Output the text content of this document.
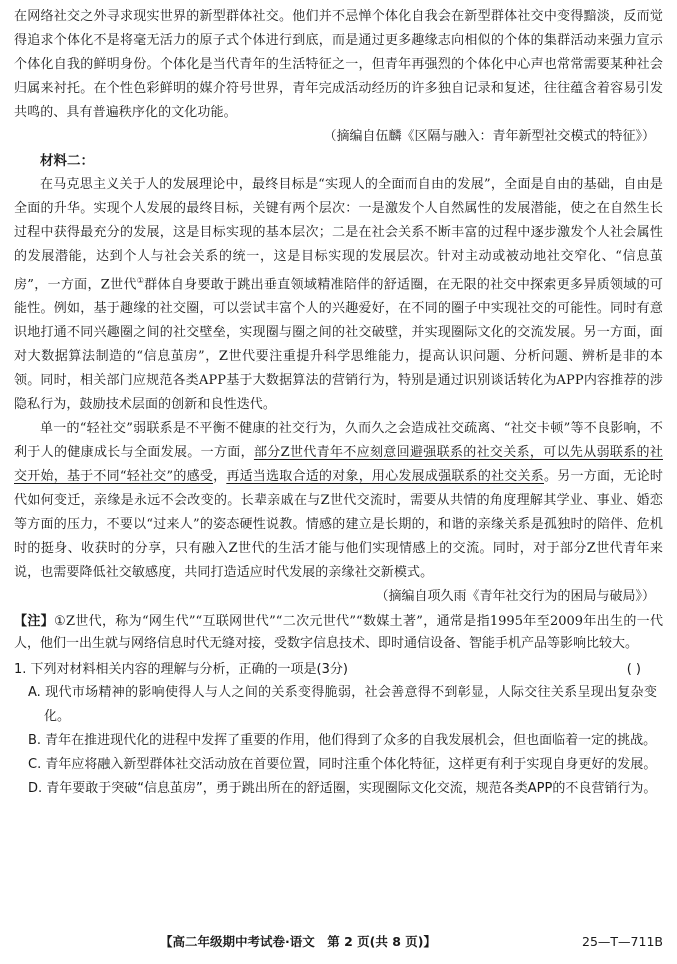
在网络社交之外寻求现实世界的新型群体社交。他们并不忌惮个体化自我会在新型群体社交中变得黯淡，反而觉得追求个体化不是将毫无活力的原子式个体进行到底，而是通过更多趣缘志向相似的个体的集群活动来强力宣示个体化自我的鲜明身份。个体化是当代青年的生活特征之一，但青年再强烈的个体化中心声也常常需要某种社会归属来衬托。在个性色彩鲜明的媒介符号世界，青年完成活动经历的许多独自记录和复述，往往蕴含着容易引发共鸣的、具有普遍秩序化的文化功能。

（摘编自伍麟《区隔与融入：青年新型社交模式的特征》）

材料二：

在马克思主义关于人的发展理论中，最终目标是“实现人的全面而自由的发展”，全面是自由的基础，自由是全面的升华。实现个人发展的最终目标，关键有两个层次：一是激发个人自然属性的发展潜能，使之在自然生长过程中获得最充分的发展，这是目标实现的基本层次；二是在社会关系不断丰富的过程中逐步激发个人社会属性的发展潜能，达到个人与社会关系的统一，这是目标实现的发展层次。针对主动或被动地社交窄化、“信息茧房”，一方面，Z世代①群体自身要敢于跳出垂直领域精准陪伴的舒适圈，在无限的社交中探索更多异质领域的可能性。例如，基于趣缘的社交圈，可以尝试丰富个人的兴趣爱好，在不同的圈子中实现社交的可能性。同时有意识地打通不同兴趣圈之间的社交壁垒，实现圈与圈之间的社交破壁，并实现圈际文化的交流发展。另一方面，面对大数据算法制造的“信息茧房”，Z世代要注重提升科学思维能力，提高认识问题、分析问题、辨析是非的本领。同时，相关部门应规范各类APP基于大数据算法的营销行为，特别是通过识别谈话转化为APP内容推荐的涉隐私行为，鼓励技术层面的创新和良性迭代。

单一的“轻社交”弱联系是不平衡不健康的社交行为，久而久之会造成社交疏离、“社交卡顿”等不良影响，不利于人的健康成长与全面发展。一方面，部分Z世代青年不应刻意回避强联系的社交关系，可以先从弱联系的社交开始，基于不同“轻社交”的感受，再适当选取合适的对象，用心发展成强联系的社交关系。另一方面，无论时代如何变迁，亲缘是永远不会改变的。长辈亲戚在与Z世代交流时，需要从共情的角度理解其学业、事业、婚恋等方面的压力，不要以“过来人”的姿态硬性说教。情感的建立是长期的，和谐的亲缘关系是孤独时的陪伴、危机时的挺身、收获时的分享，只有融入Z世代的生活才能与他们实现情感上的交流。同时，对于部分Z世代青年来说，也需要降低社交敏感度，共同打造适应时代发展的亲缘社交新模式。

（摘编自项久雨《青年社交行为的困局与破局》）

【注】①Z世代，称为“网生代”“互联网世代”“二次元世代”“数媒土著”，通常是指1995年至2009年出生的一代人，他们一出生就与网络信息时代无缝对接，受数字信息技术、即时通信设备、智能手机产品等影响比较大。

1. 下列对材料相关内容的理解与分析，正确的一项是(3分)	( )

A. 现代市场精神的影响使得人与人之间的关系变得脆弱，社会善意得不到彰显，人际交往关系呈现出复杂变化。

B. 青年在推进现代化的进程中发挥了重要的作用，他们得到了众多的自我发展机会，但也面临着一定的挑战。

C. 青年应将融入新型群体社交活动放在首要位置，同时注重个体化特征，这样更有利于实现自身更好的发展。

D. 青年要敢于突破“信息茧房”，勇于跳出所在的舒适圈，实现圈际文化交流，规范各类APP的不良营销行为。

【高二年级期中考试卷·语文　 第 2 页(共 8 页)】	25—T—711B
